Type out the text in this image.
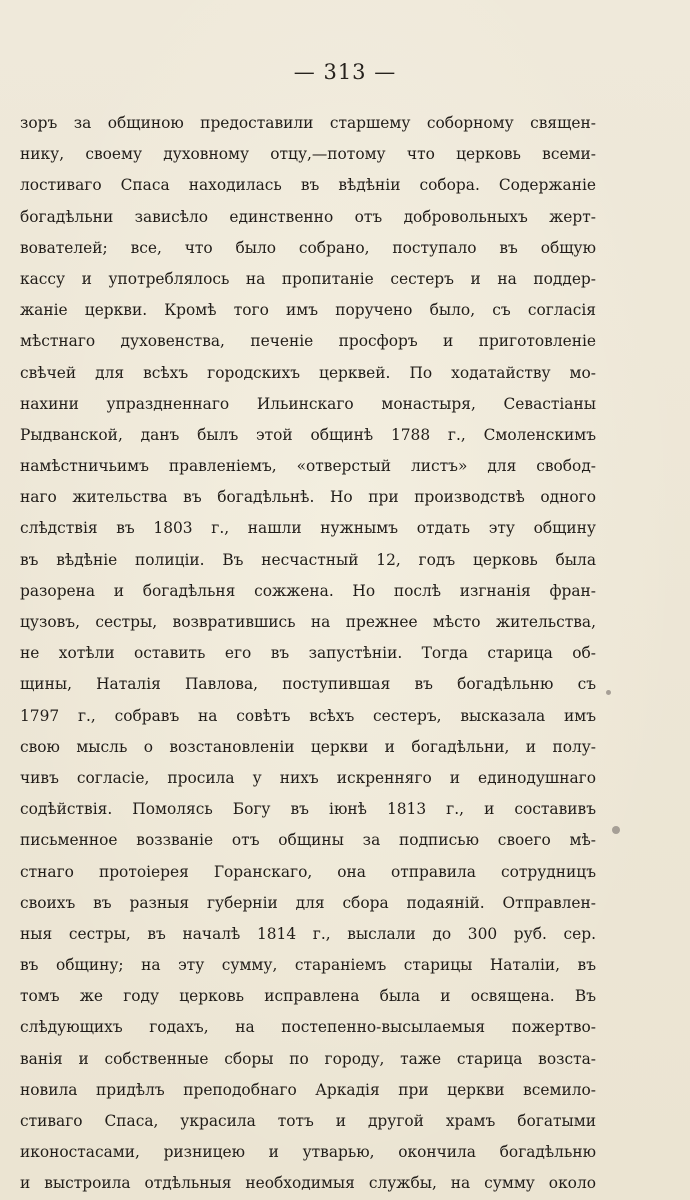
— 313 —
зоръ за общиною предоставили старшему соборному священ-
нику, своему духовному отцу,—потому что церковь всеми-
лостиваго Спаса находилась въ вѣдѣніи собора. Содержаніе
богадѣльни зависѣло единственно отъ добровольныхъ жерт-
вователей; все, что было собрано, поступало въ общую
кассу и употреблялось на пропитаніе сестеръ и на поддер-
жаніе церкви. Кромѣ того имъ поручено было, съ согласія
мѣстнаго духовенства, печеніе просфоръ и приготовленіе
свѣчей для всѣхъ городскихъ церквей. По ходатайству мо-
нахини упраздненнаго Ильинскаго монастыря, Севастіаны
Рыдванской, данъ былъ этой общинѣ 1788 г., Смоленскимъ
намѣстничьимъ правленіемъ, «отверстый листъ» для свобод-
наго жительства въ богадѣльнѣ. Но при производствѣ одного
слѣдствія въ 1803 г., нашли нужнымъ отдать эту общину
въ вѣдѣніе полиціи. Въ несчастный 12, годъ церковь была
разорена и богадѣльня сожжена. Но послѣ изгнанія фран-
цузовъ, сестры, возвратившись на прежнее мѣсто жительства,
не хотѣли оставить его въ запустѣніи. Тогда старица об-
щины, Наталія Павлова, поступившая въ богадѣльню съ
1797 г., собравъ на совѣтъ всѣхъ сестеръ, высказала имъ
свою мысль о возстановленіи церкви и богадѣльни, и полу-
чивъ согласіе, просила у нихъ искренняго и единодушнаго
содѣйствія. Помолясь Богу въ іюнѣ 1813 г., и составивъ
письменное воззваніе отъ общины за подписью своего мѣ-
стнаго протоіерея Горанскаго, она отправила сотрудницъ
своихъ въ разныя губерніи для сбора подаяній. Отправлен-
ныя сестры, въ началѣ 1814 г., выслали до 300 руб. сер.
въ общину; на эту сумму, стараніемъ старицы Наталіи, въ
томъ же году церковь исправлена была и освящена. Въ
слѣдующихъ годахъ, на постепенно-высылаемыя пожертво-
ванія и собственные сборы по городу, таже старица возста-
новила придѣлъ преподобнаго Аркадія при церкви всемило-
стиваго Спаса, украсила тотъ и другой храмъ богатыми
иконостасами, ризницею и утварью, окончила богадѣльню
и выстроила отдѣльныя необходимыя службы, на сумму около
